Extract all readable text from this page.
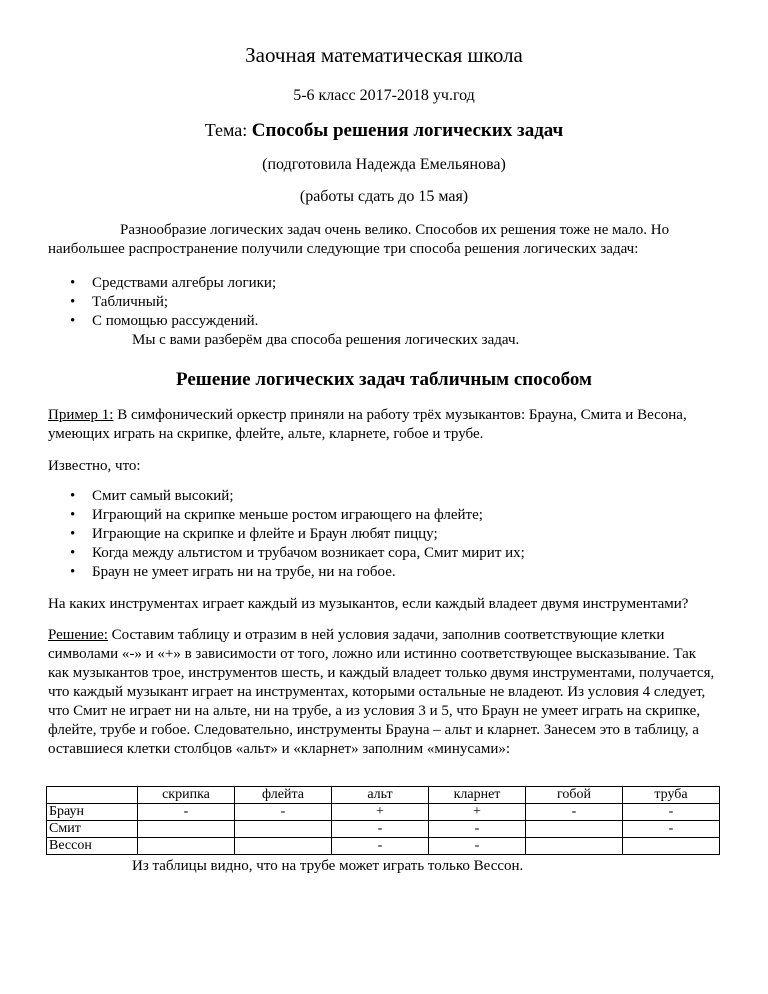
Заочная математическая школа

5-6 класс 2017-2018 уч.год

Тема: Способы решения логических задач

(подготовила Надежда Емельянова)

(работы сдать до 15 мая)

Разнообразие логических задач очень велико. Способов их решения тоже не мало. Но наибольшее распространение получили следующие три способа решения логических задач:

• Средствами алгебры логики;
• Табличный;
• С помощью рассуждений.

Мы с вами разберём два способа решения логических задач.

Решение логических задач табличным способом

Пример 1: В симфонический оркестр приняли на работу трёх музыкантов: Брауна, Смита и Весона, умеющих играть на скрипке, флейте, альте, кларнете, гобое и трубе.

Известно, что:

• Смит самый высокий;
• Играющий на скрипке меньше ростом играющего на флейте;
• Играющие на скрипке и флейте и Браун любят пиццу;
• Когда между альтистом и трубачом возникает сора, Смит мирит их;
• Браун не умеет играть ни на трубе, ни на гобое.

На каких инструментах играет каждый из музыкантов, если каждый владеет двумя инструментами?

Решение: Составим таблицу и отразим в ней условия задачи, заполнив соответствующие клетки символами «-» и «+» в зависимости от того, ложно или истинно соответствующее высказывание. Так как музыкантов трое, инструментов шесть, и каждый владеет только двумя инструментами, получается, что каждый музыкант играет на инструментах, которыми остальные не владеют. Из условия 4 следует, что Смит не играет ни на альте, ни на трубе, а из условия 3 и 5, что Браун не умеет играть на скрипке, флейте, трубе и гобое. Следовательно, инструменты Брауна – альт и кларнет. Занесем это в таблицу, а оставшиеся клетки столбцов «альт» и «кларнет» заполним «минусами»:

	скрипка	флейта	альт	кларнет	гобой	труба
Браун	-	-	+	+	-	-
Смит			-	-		-
Вессон			-	-		

Из таблицы видно, что на трубе может играть только Вессон.
